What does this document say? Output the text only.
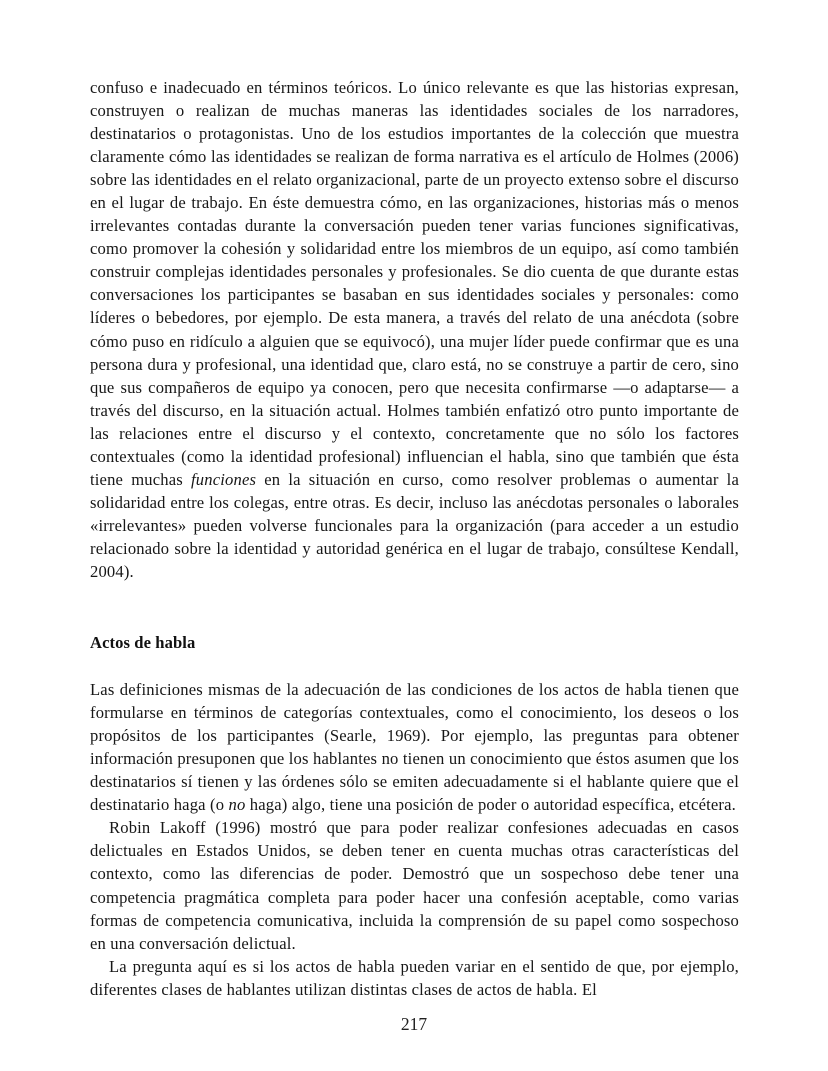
confuso e inadecuado en términos teóricos. Lo único relevante es que las historias expresan, construyen o realizan de muchas maneras las identidades sociales de los narradores, destinatarios o protagonistas. Uno de los estudios importantes de la colección que muestra claramente cómo las identidades se realizan de forma narrativa es el artículo de Holmes (2006) sobre las identidades en el relato organizacional, parte de un proyecto extenso sobre el discurso en el lugar de trabajo. En éste demuestra cómo, en las organizaciones, historias más o menos irrelevantes contadas durante la conversación pueden tener varias funciones significativas, como promover la cohesión y solidaridad entre los miembros de un equipo, así como también construir complejas identidades personales y profesionales. Se dio cuenta de que durante estas conversaciones los participantes se basaban en sus identidades sociales y personales: como líderes o bebedores, por ejemplo. De esta manera, a través del relato de una anécdota (sobre cómo puso en ridículo a alguien que se equivocó), una mujer líder puede confirmar que es una persona dura y profesional, una identidad que, claro está, no se construye a partir de cero, sino que sus compañeros de equipo ya conocen, pero que necesita confirmarse —o adaptarse— a través del discurso, en la situación actual. Holmes también enfatizó otro punto importante de las relaciones entre el discurso y el contexto, concretamente que no sólo los factores contextuales (como la identidad profesional) influencian el habla, sino que también que ésta tiene muchas funciones en la situación en curso, como resolver problemas o aumentar la solidaridad entre los colegas, entre otras. Es decir, incluso las anécdotas personales o laborales «irrelevantes» pueden volverse funcionales para la organización (para acceder a un estudio relacionado sobre la identidad y autoridad genérica en el lugar de trabajo, consúltese Kendall, 2004).

Actos de habla

Las definiciones mismas de la adecuación de las condiciones de los actos de habla tienen que formularse en términos de categorías contextuales, como el conocimiento, los deseos o los propósitos de los participantes (Searle, 1969). Por ejemplo, las preguntas para obtener información presuponen que los hablantes no tienen un conocimiento que éstos asumen que los destinatarios sí tienen y las órdenes sólo se emiten adecuadamente si el hablante quiere que el destinatario haga (o no haga) algo, tiene una posición de poder o autoridad específica, etcétera.

Robin Lakoff (1996) mostró que para poder realizar confesiones adecuadas en casos delictuales en Estados Unidos, se deben tener en cuenta muchas otras características del contexto, como las diferencias de poder. Demostró que un sospechoso debe tener una competencia pragmática completa para poder hacer una confesión aceptable, como varias formas de competencia comunicativa, incluida la comprensión de su papel como sospechoso en una conversación delictual.

La pregunta aquí es si los actos de habla pueden variar en el sentido de que, por ejemplo, diferentes clases de hablantes utilizan distintas clases de actos de habla. El

217
